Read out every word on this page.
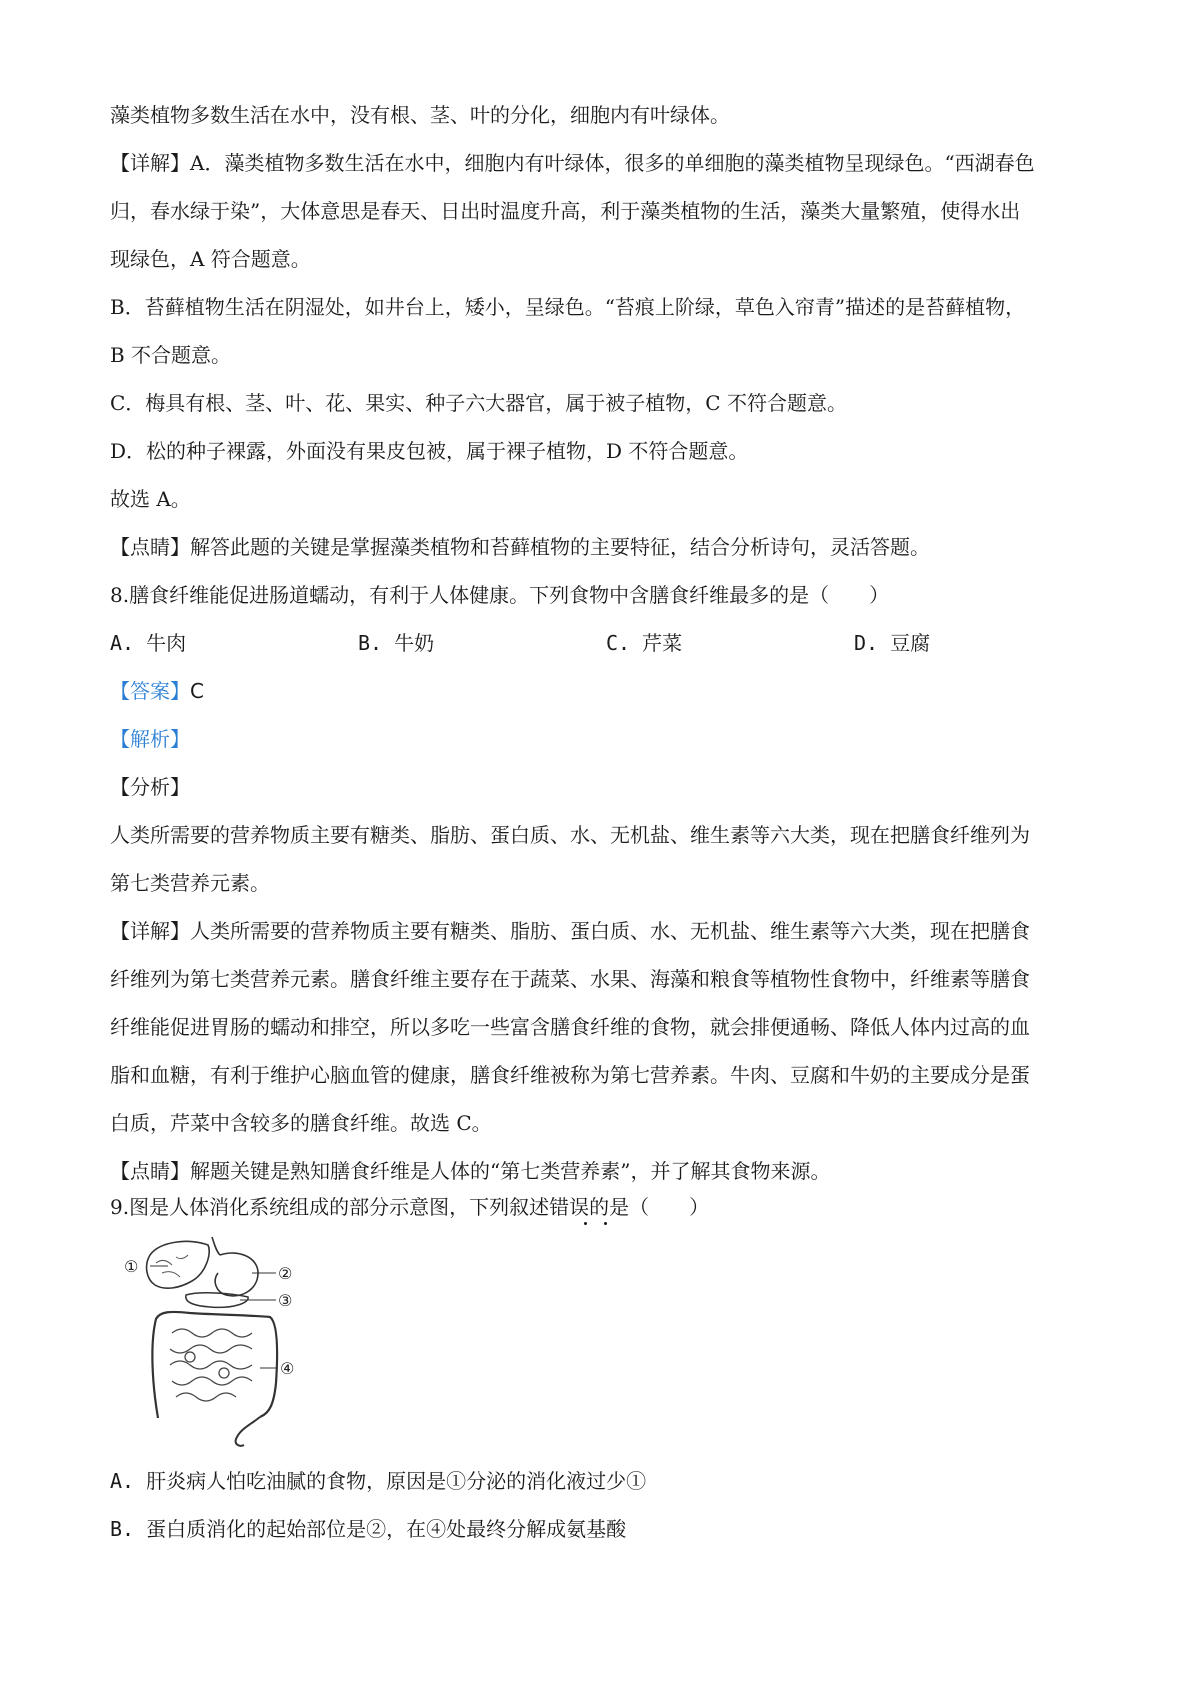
藻类植物多数生活在水中，没有根、茎、叶的分化，细胞内有叶绿体。
【详解】A．藻类植物多数生活在水中，细胞内有叶绿体，很多的单细胞的藻类植物呈现绿色。“西湖春色
归，春水绿于染”，大体意思是春天、日出时温度升高，利于藻类植物的生活，藻类大量繁殖，使得水出
现绿色，A 符合题意。
B．苔藓植物生活在阴湿处，如井台上，矮小，呈绿色。“苔痕上阶绿，草色入帘青”描述的是苔藓植物，
B 不合题意。
C．梅具有根、茎、叶、花、果实、种子六大器官，属于被子植物，C 不符合题意。
D．松的种子裸露，外面没有果皮包被，属于裸子植物，D 不符合题意。
故选 A。
【点睛】解答此题的关键是掌握藻类植物和苔藓植物的主要特征，结合分析诗句，灵活答题。
8.膳食纤维能促进肠道蠕动，有利于人体健康。下列食物中含膳食纤维最多的是（　　）
A. 牛肉	B. 牛奶	C. 芹菜	D. 豆腐
【答案】C
【解析】
【分析】
人类所需要的营养物质主要有糖类、脂肪、蛋白质、水、无机盐、维生素等六大类，现在把膳食纤维列为
第七类营养元素。
【详解】人类所需要的营养物质主要有糖类、脂肪、蛋白质、水、无机盐、维生素等六大类，现在把膳食
纤维列为第七类营养元素。膳食纤维主要存在于蔬菜、水果、海藻和粮食等植物性食物中，纤维素等膳食
纤维能促进胃肠的蠕动和排空，所以多吃一些富含膳食纤维的食物，就会排便通畅、降低人体内过高的血
脂和血糖，有利于维护心脑血管的健康，膳食纤维被称为第七营养素。牛肉、豆腐和牛奶的主要成分是蛋
白质，芹菜中含较多的膳食纤维。故选 C。
【点睛】解题关键是熟知膳食纤维是人体的“第七类营养素”，并了解其食物来源。
9.图是人体消化系统组成的部分示意图，下列叙述错误的是（　　）
①	②
③
④
A. 肝炎病人怕吃油腻的食物，原因是①分泌的消化液过少①
B. 蛋白质消化的起始部位是②，在④处最终分解成氨基酸
